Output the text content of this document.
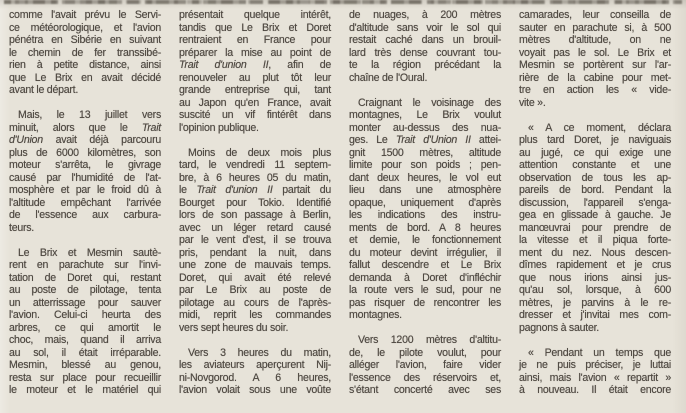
comme l'avait prévu le Servi-
ce météorologique, et l'avion
pénétra en Sibérie en suivant
le chemin de fer transsibé-
rien à petite distance, ainsi
que Le Brix en avait décidé
avant le départ.
Mais, le 13 juillet vers
minuit, alors que le Trait
d'Union avait déjà parcouru
plus de 6000 kilomètres, son
moteur s'arrêta, le givrage
causé par l'humidité de l'at-
mosphère et par le froid dû à
l'altitude empêchant l'arrivée
de l'essence aux carbura-
teurs.
Le Brix et Mesmin sautè-
rent en parachute sur l'invi-
tation de Doret qui, restant
au poste de pilotage, tenta
un atterrissage pour sauver
l'avion. Celui-ci heurta des
arbres, ce qui amortit le
choc, mais, quand il arriva
au sol, il était irréparable.
Mesmin, blessé au genou,
resta sur place pour recueillir
le moteur et le matériel qui
présentait quelque intérêt,
tandis que Le Brix et Doret
rentraient en France pour
préparer la mise au point de
Trait d'union II, afin de
renouveler au plut tôt leur
grande entreprise qui, tant
au Japon qu'en France, avait
suscité un vif fintérêt dans
l'opinion publique.
Moins de deux mois plus
tard, le vendredi 11 septem-
bre, à 6 heures 05 du matin,
le Trait d'union II partait du
Bourget pour Tokio. Identifié
lors de son passage à Berlin,
avec un léger retard causé
par le vent d'est, il se trouva
pris, pendant la nuit, dans
une zone de mauvais temps.
Doret, qui avait été relevé
par Le Brix au poste de
pilotage au cours de l'après-
midi, reprit les commandes
vers sept heures du soir.
Vers 3 heures du matin,
les aviateurs aperçurent Nij-
ni-Novgorod. A 6 heures,
l'avion volait sous une voûte
de nuages, à 200 mètres
d'altitude sans voir le sol qui
restait caché dans un brouil-
lard très dense couvrant tou-
te la région précédant la
chaîne de l'Oural.
Craignant le voisinage des
montagnes, Le Brix voulut
monter au-dessus des nua-
ges. Le Trait d'Union II attei-
gnit 1500 mètres, altitude
limite pour son poids ; pen-
dant deux heures, le vol eut
lieu dans une atmosphère
opaque, uniquement d'après
les indications des instru-
ments de bord. A 8 heures
et demie, le fonctionnement
du moteur devint irrégulier, il
fallut descendre et Le Brix
demanda à Doret d'infléchir
la route vers le sud, pour ne
pas risquer de rencontrer les
montagnes.
Vers 1200 mètres d'altitu-
de, le pilote voulut, pour
alléger l'avion, faire vider
l'essence des réservoirs et,
s'étant concerté avec ses
camarades, leur conseilla de
sauter en parachute si, à 500
mètres d'altitude, on ne
voyait pas le sol. Le Brix et
Mesmin se portèrent sur l'ar-
rière de la cabine pour met-
tre en action les « vide-
vite ».
« A ce moment, déclara
plus tard Doret, je naviguais
au jugé, ce qui exige une
attention constante et une
observation de tous les ap-
pareils de bord. Pendant la
discussion, l'appareil s'enga-
gea en glissade à gauche. Je
manœuvrai pour prendre de
la vitesse et il piqua forte-
ment du nez. Nous descen-
dîmes rapidement et je crus
que nous irions ainsi jus-
qu'au sol, lorsque, à 600
mètres, je parvins à le re-
dresser et j'invitai mes com-
pagnons à sauter.
« Pendant un temps que
je ne puis préciser, je luttai
ainsi, mais l'avion « repartit »
à nouveau. Il était encore
